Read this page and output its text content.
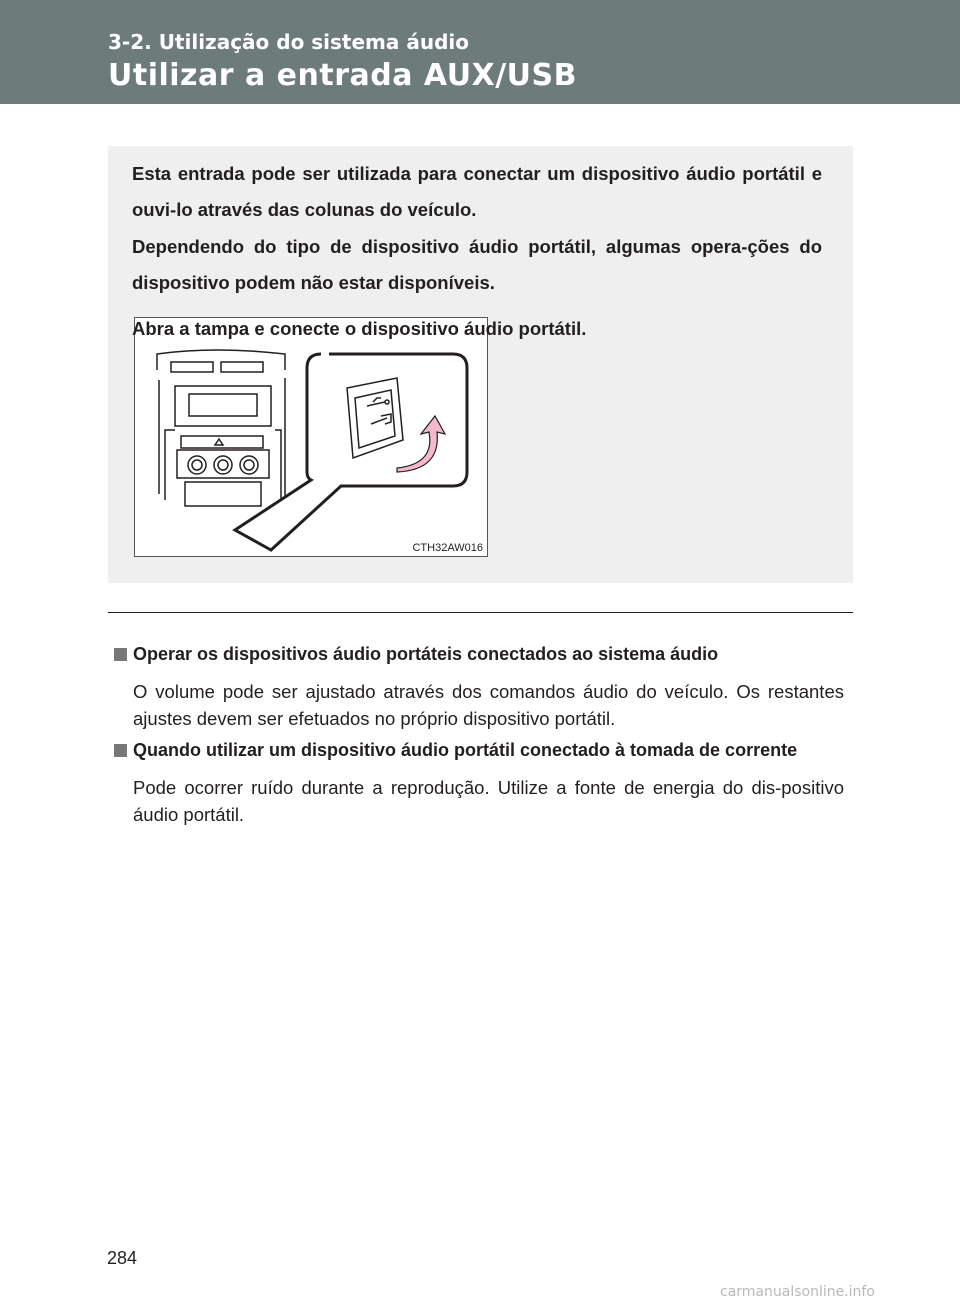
3-2. Utilização do sistema áudio
Utilizar a entrada AUX/USB

Esta entrada pode ser utilizada para conectar um dispositivo áudio portátil e ouvi-lo através das colunas do veículo.

Dependendo do tipo de dispositivo áudio portátil, algumas opera-ções do dispositivo podem não estar disponíveis.

CTH32AW016

Abra a tampa e conecte o dispositivo áudio portátil.

Operar os dispositivos áudio portáteis conectados ao sistema áudio
O volume pode ser ajustado através dos comandos áudio do veículo. Os restantes ajustes devem ser efetuados no próprio dispositivo portátil.
Quando utilizar um dispositivo áudio portátil conectado à tomada de corrente
Pode ocorrer ruído durante a reprodução. Utilize a fonte de energia do dis-positivo áudio portátil.
284
carmanualsonline.info
